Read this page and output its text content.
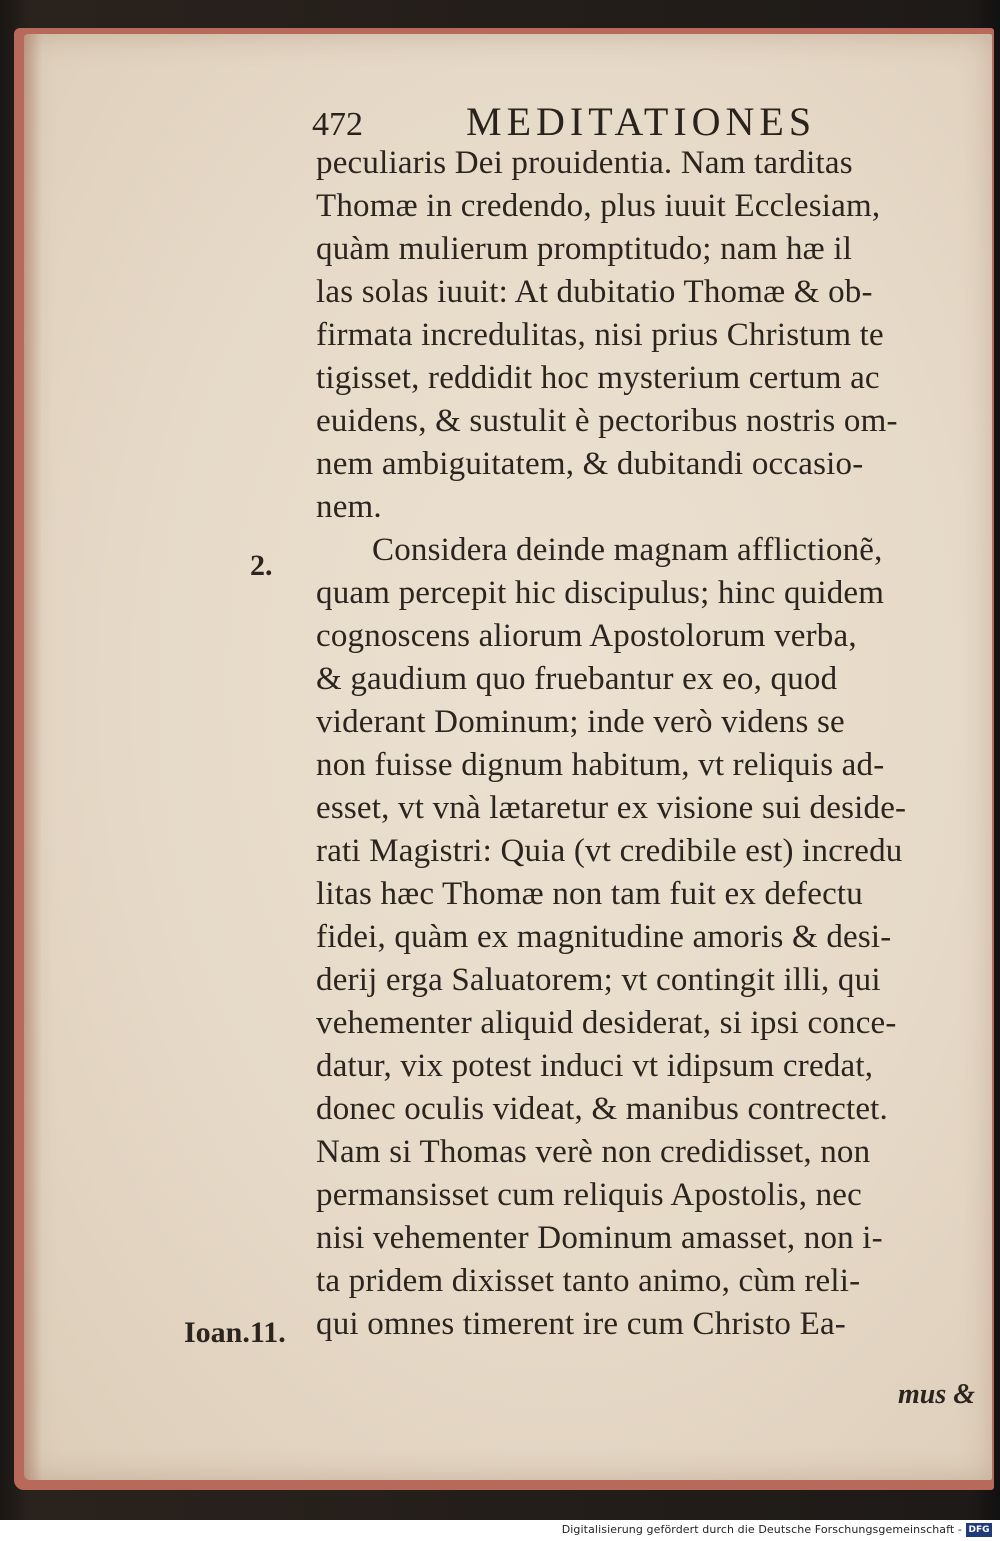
472	MEDITATIONES
peculiaris Dei prouidentia. Nam tarditas
Thomæ in credendo, plus iuuit Ecclesiam,
quàm mulierum promptitudo; nam hæ il
las solas iuuit: At dubitatio Thomæ & ob-
firmata incredulitas, nisi prius Christum te
tigisset, reddidit hoc mysterium certum ac
euidens, & sustulit è pectoribus nostris om-
nem ambiguitatem, & dubitandi occasio-
nem.
Considera deinde magnam afflictionẽ,
quam percepit hic discipulus; hinc quidem
cognoscens aliorum Apostolorum verba,
& gaudium quo fruebantur ex eo, quod
viderant Dominum; inde verò videns se
non fuisse dignum habitum, vt reliquis ad-
esset, vt vnà lætaretur ex visione sui deside-
rati Magistri: Quia (vt credibile est) incredu
litas hæc Thomæ non tam fuit ex defectu
fidei, quàm ex magnitudine amoris & desi-
derij erga Saluatorem; vt contingit illi, qui
vehementer aliquid desiderat, si ipsi conce-
datur, vix potest induci vt idipsum credat,
donec oculis videat, & manibus contrectet.
Nam si Thomas verè non credidisset, non
permansisset cum reliquis Apostolis, nec
nisi vehementer Dominum amasset, non i-
ta pridem dixisset tanto animo, cùm reli-
qui omnes timerent ire cum Christo Ea-
2.
Ioan.11.
mus &
Digitalisierung gefördert durch die Deutsche Forschungsgemeinschaft - DFG
